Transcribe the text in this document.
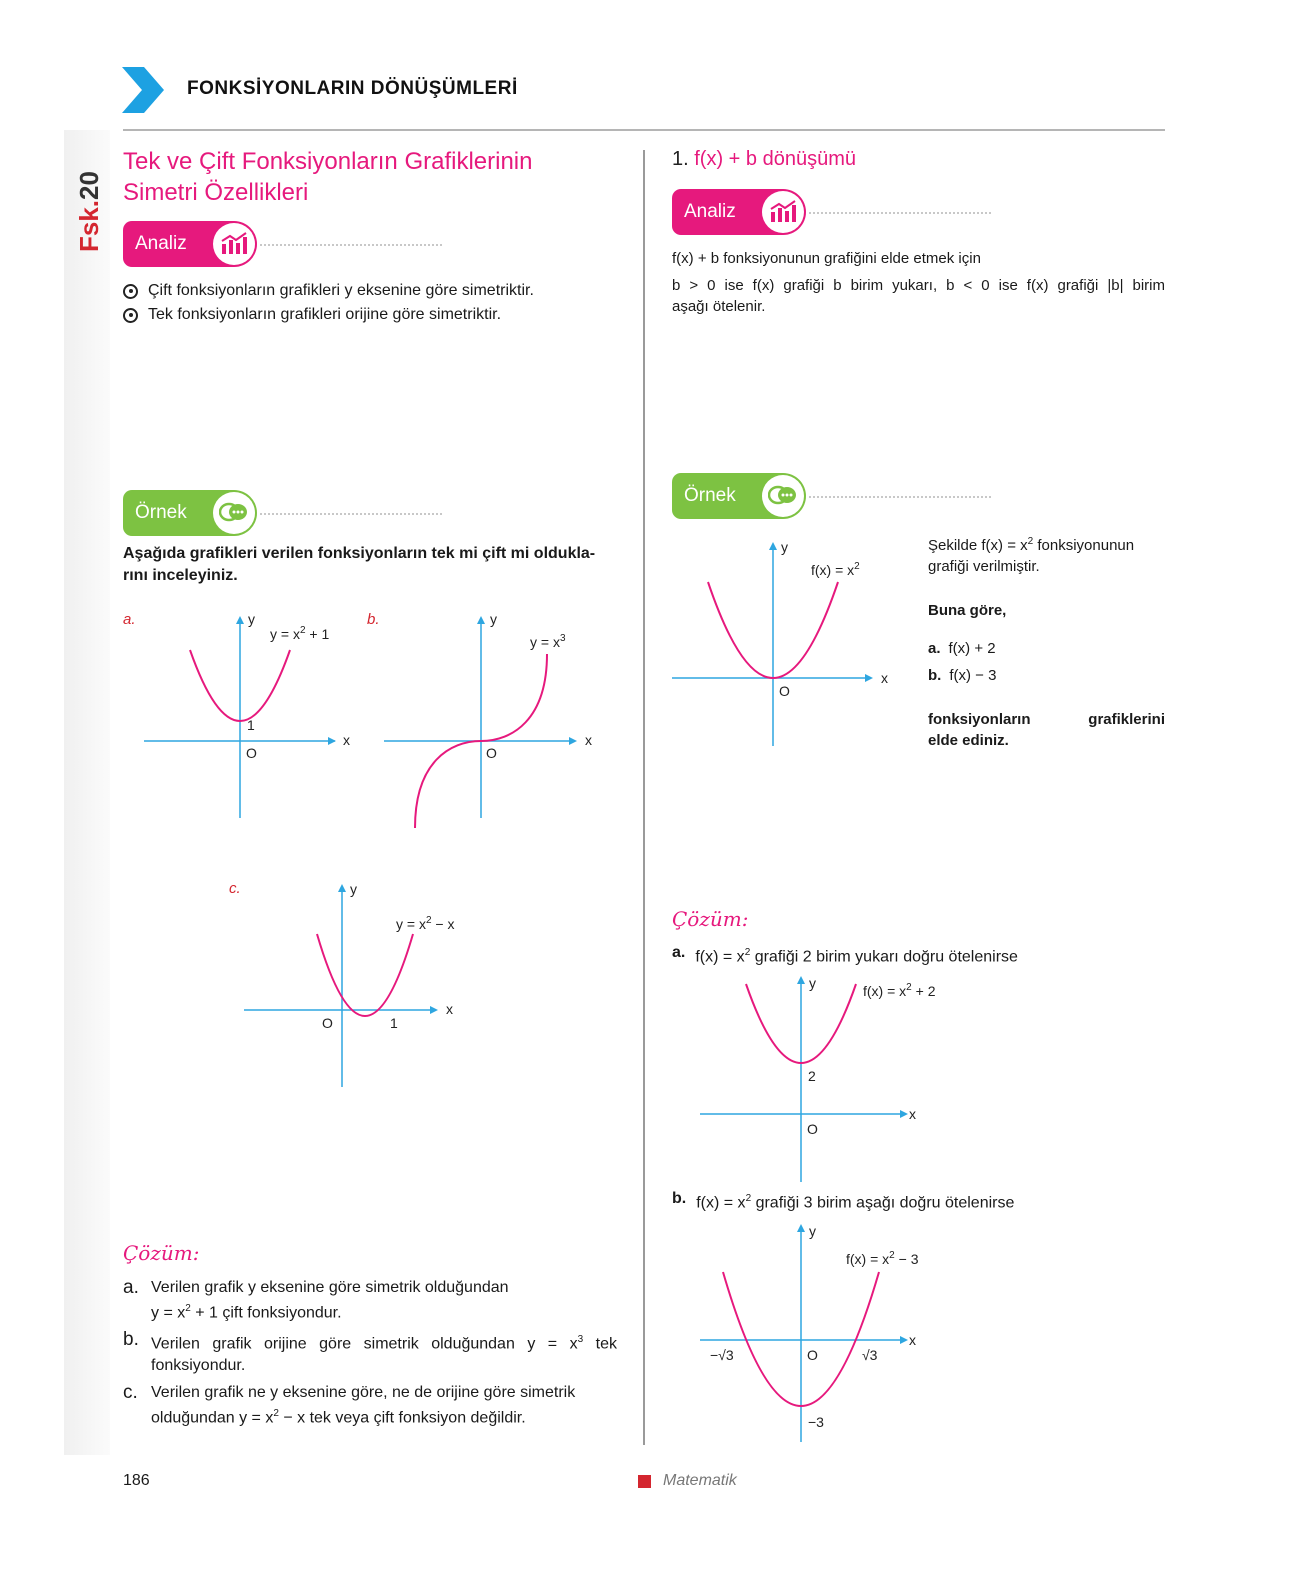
FONKSİYONLARIN DÖNÜŞÜMLERİ
Fsk.
20
Tek ve Çift Fonksiyonların Grafiklerinin
Simetri Özellikleri
Analiz
Çift fonksiyonların grafikleri y eksenine göre simetriktir.
Tek fonksiyonların grafikleri orijine göre simetriktir.
Örnek
Aşağıda grafikleri verilen fonksiyonların tek mi çift mi oldukla-
rını inceleyiniz.
a.	b.
c.
y
x
O
1
$y = x^2 + 1$
y
x
O
$y = x^3$
y
x
O	1
$y = x^2 - x$
Çözüm:
a. Verilen grafik y eksenine göre simetrik olduğundan
$y = x^2 + 1$ çift fonksiyondur.
b. Verilen grafik orijine göre simetrik olduğundan $y = x^3$ tek
fonksiyondur.
c. Verilen grafik ne y eksenine göre, ne de orijine göre simetrik
olduğundan $y = x^2 - x$ tek veya çift fonksiyon değildir.
1. f(x) + b dönüşümü
Analiz
f(x) + b fonksiyonunun grafiğini elde etmek için
b > 0 ise f(x) grafiği b birim yukarı, b < 0 ise f(x) grafiği |b| birim
aşağı ötelenir.
Örnek
y
x
O
$f(x) = x^2$
Şekilde $f(x) = x^2$ fonksiyonunun
grafiği verilmiştir.
Buna göre,
a. f(x) + 2
b. f(x) − 3
fonksiyonların	grafiklerini
elde ediniz.
Çözüm:
a. $f(x) = x^2$ grafiği 2 birim yukarı doğru ötelenirse
y
x
O
2
$f(x) = x^2 + 2$
b. $f(x) = x^2$ grafiği 3 birim aşağı doğru ötelenirse
y
x
O
−√3	√3
−3
$f(x) = x^2 - 3$
186	Matematik
